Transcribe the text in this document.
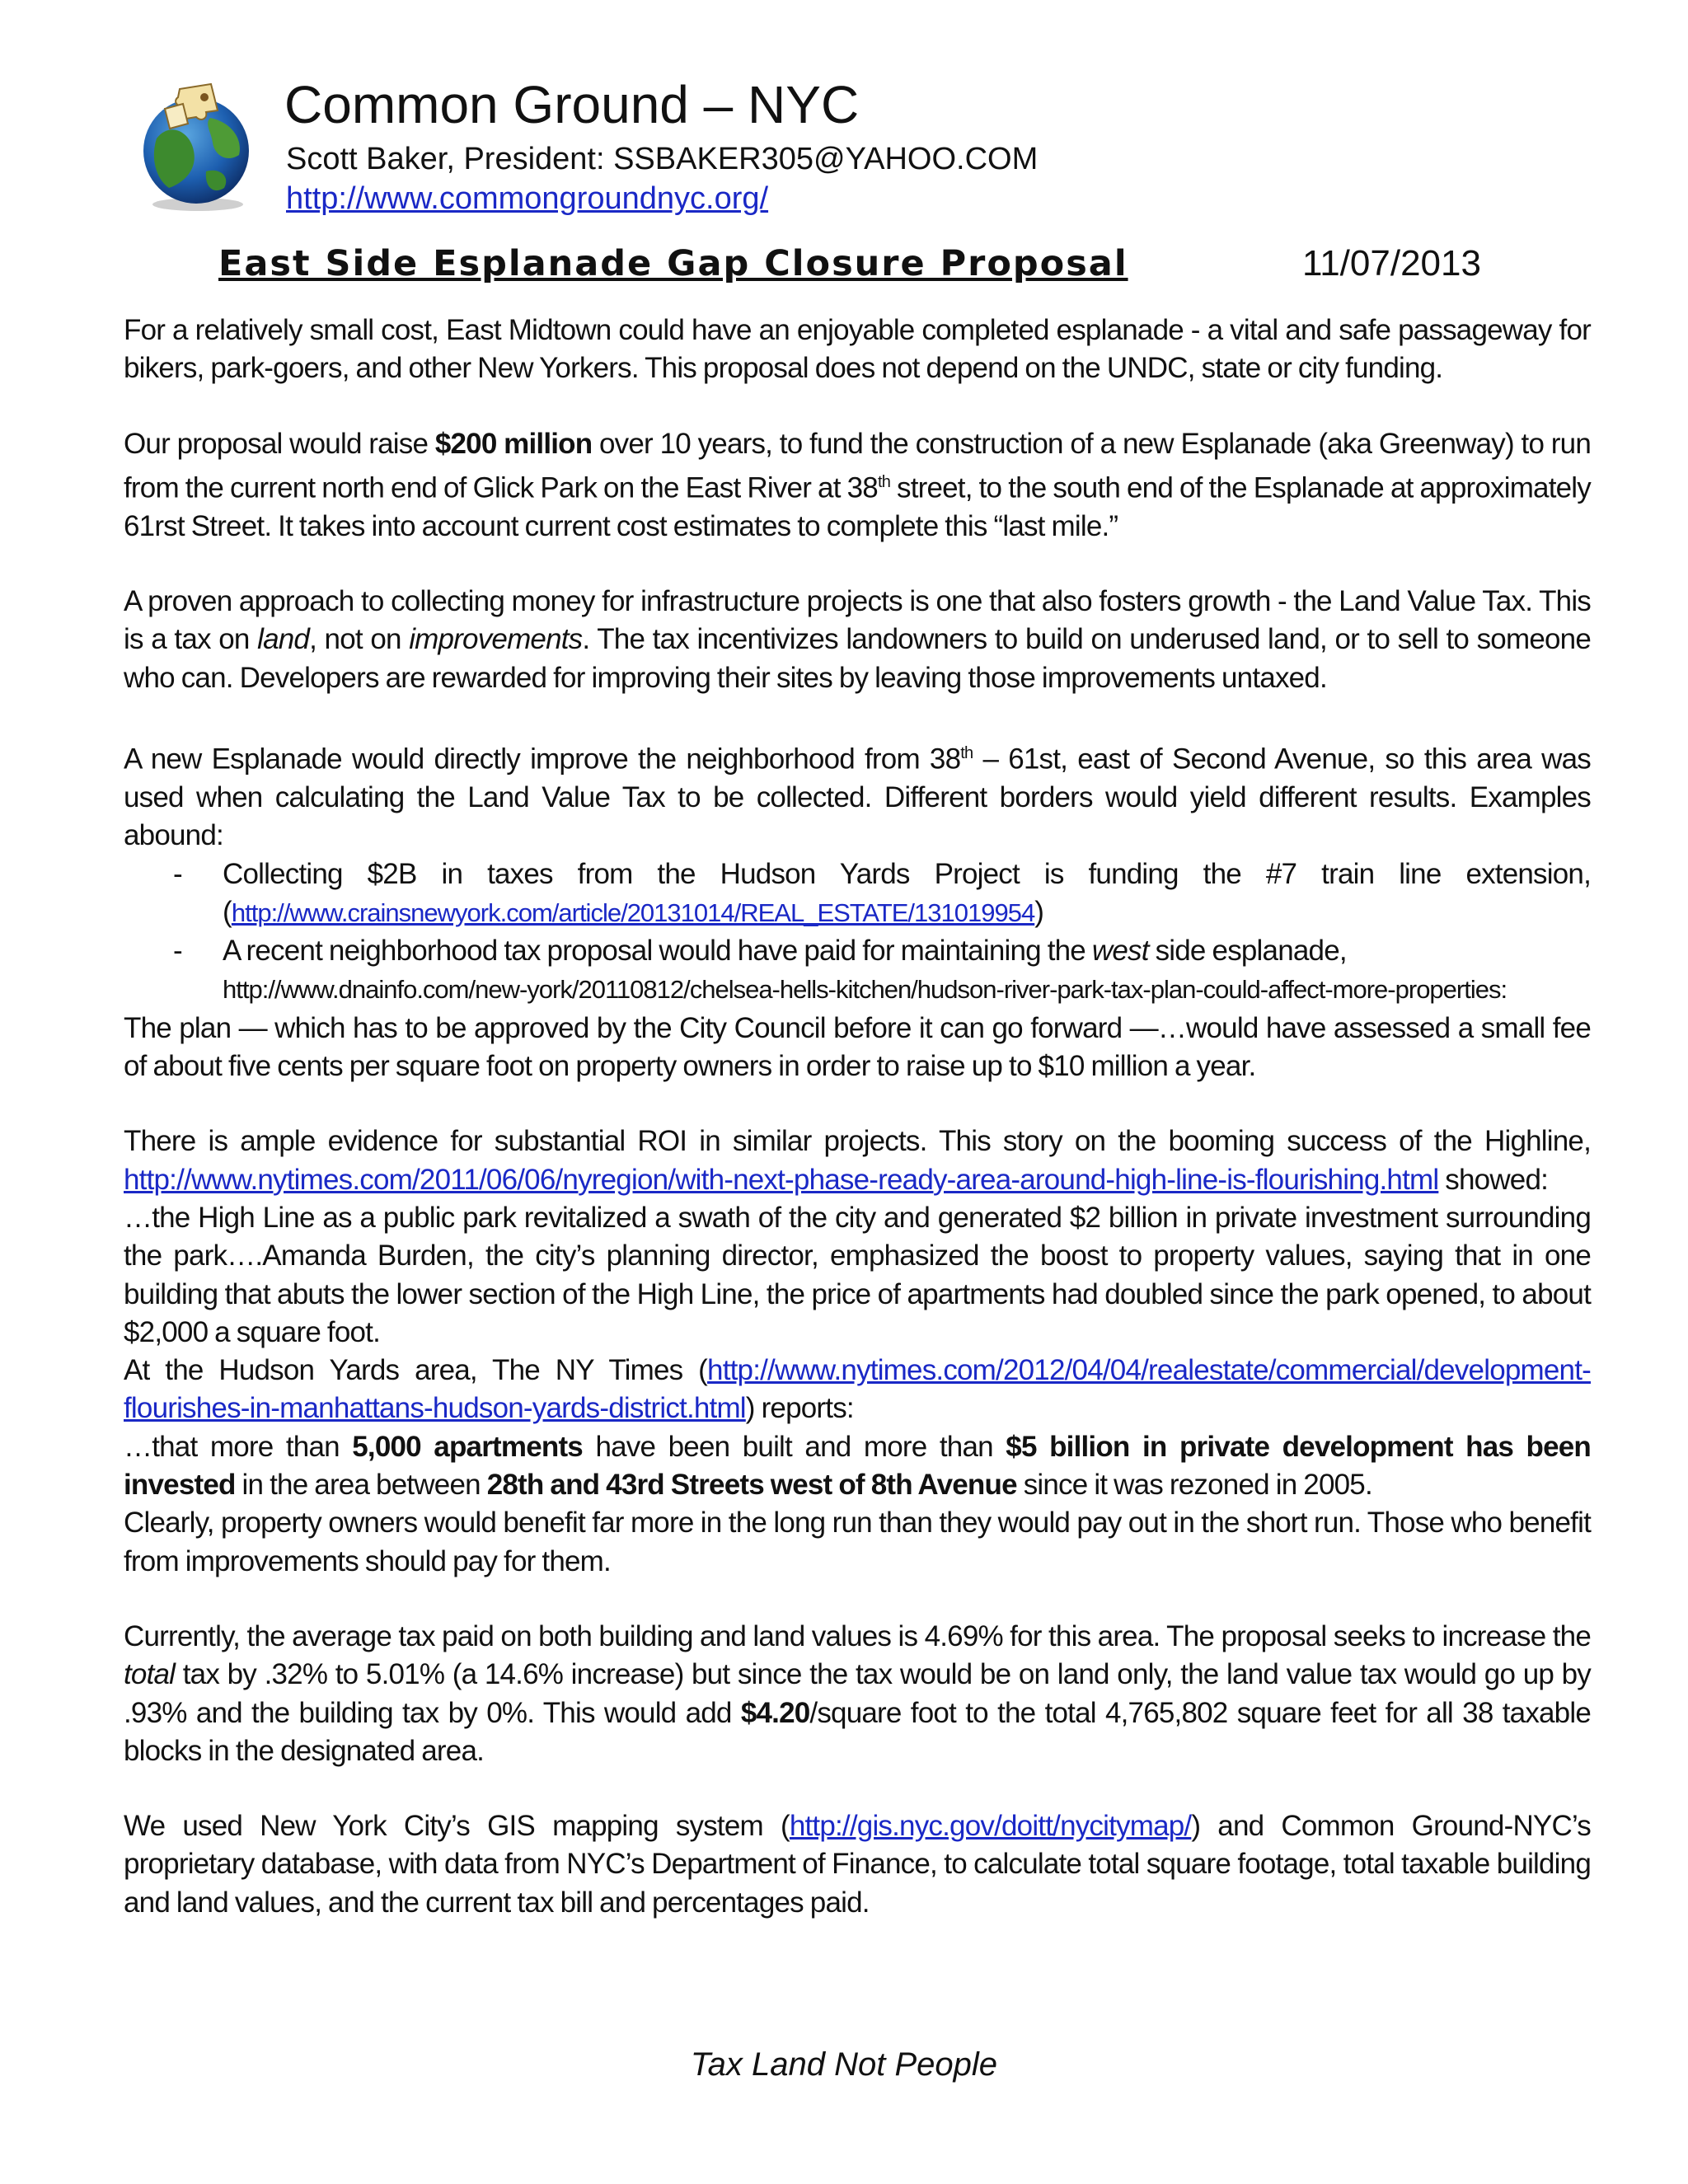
Common Ground – NYC
Scott Baker, President: SSBAKER305@YAHOO.COM
http://www.commongroundnyc.org/
East Side Esplanade Gap Closure Proposal	11/07/2013

For a relatively small cost, East Midtown could have an enjoyable completed esplanade - a vital and safe passageway for bikers, park-goers, and other New Yorkers. This proposal does not depend on the UNDC, state or city funding.

Our proposal would raise $200 million over 10 years, to fund the construction of a new Esplanade (aka Greenway) to run from the current north end of Glick Park on the East River at 38th street, to the south end of the Esplanade at approximately 61rst Street. It takes into account current cost estimates to complete this “last mile.”

A proven approach to collecting money for infrastructure projects is one that also fosters growth - the Land Value Tax. This is a tax on land, not on improvements. The tax incentivizes landowners to build on underused land, or to sell to someone who can. Developers are rewarded for improving their sites by leaving those improvements untaxed.

A new Esplanade would directly improve the neighborhood from 38th – 61st, east of Second Avenue, so this area was used when calculating the Land Value Tax to be collected. Different borders would yield different results. Examples abound:

-	Collecting $2B in taxes from the Hudson Yards Project is funding the #7 train line extension, (http://www.crainsnewyork.com/article/20131014/REAL_ESTATE/131019954)
-	A recent neighborhood tax proposal would have paid for maintaining the west side esplanade,
http://www.dnainfo.com/new-york/20110812/chelsea-hells-kitchen/hudson-river-park-tax-plan-could-affect-more-properties:

The plan — which has to be approved by the City Council before it can go forward —…would have assessed a small fee of about five cents per square foot on property owners in order to raise up to $10 million a year.

There is ample evidence for substantial ROI in similar projects. This story on the booming success of the Highline, http://www.nytimes.com/2011/06/06/nyregion/with-next-phase-ready-area-around-high-line-is-flourishing.html showed:

…the High Line as a public park revitalized a swath of the city and generated $2 billion in private investment surrounding the park….Amanda Burden, the city’s planning director, emphasized the boost to property values, saying that in one building that abuts the lower section of the High Line, the price of apartments had doubled since the park opened, to about $2,000 a square foot.

At the Hudson Yards area, The NY Times (http://www.nytimes.com/2012/04/04/realestate/commercial/development-flourishes-in-manhattans-hudson-yards-district.html) reports:

…that more than 5,000 apartments have been built and more than $5 billion in private development has been invested in the area between 28th and 43rd Streets west of 8th Avenue since it was rezoned in 2005.

Clearly, property owners would benefit far more in the long run than they would pay out in the short run. Those who benefit from improvements should pay for them.

Currently, the average tax paid on both building and land values is 4.69% for this area. The proposal seeks to increase the total tax by .32% to 5.01% (a 14.6% increase) but since the tax would be on land only, the land value tax would go up by .93% and the building tax by 0%. This would add $4.20/square foot to the total 4,765,802 square feet for all 38 taxable blocks in the designated area.

We used New York City’s GIS mapping system (http://gis.nyc.gov/doitt/nycitymap/) and Common Ground-NYC’s proprietary database, with data from NYC’s Department of Finance, to calculate total square footage, total taxable building and land values, and the current tax bill and percentages paid.

Tax Land Not People
